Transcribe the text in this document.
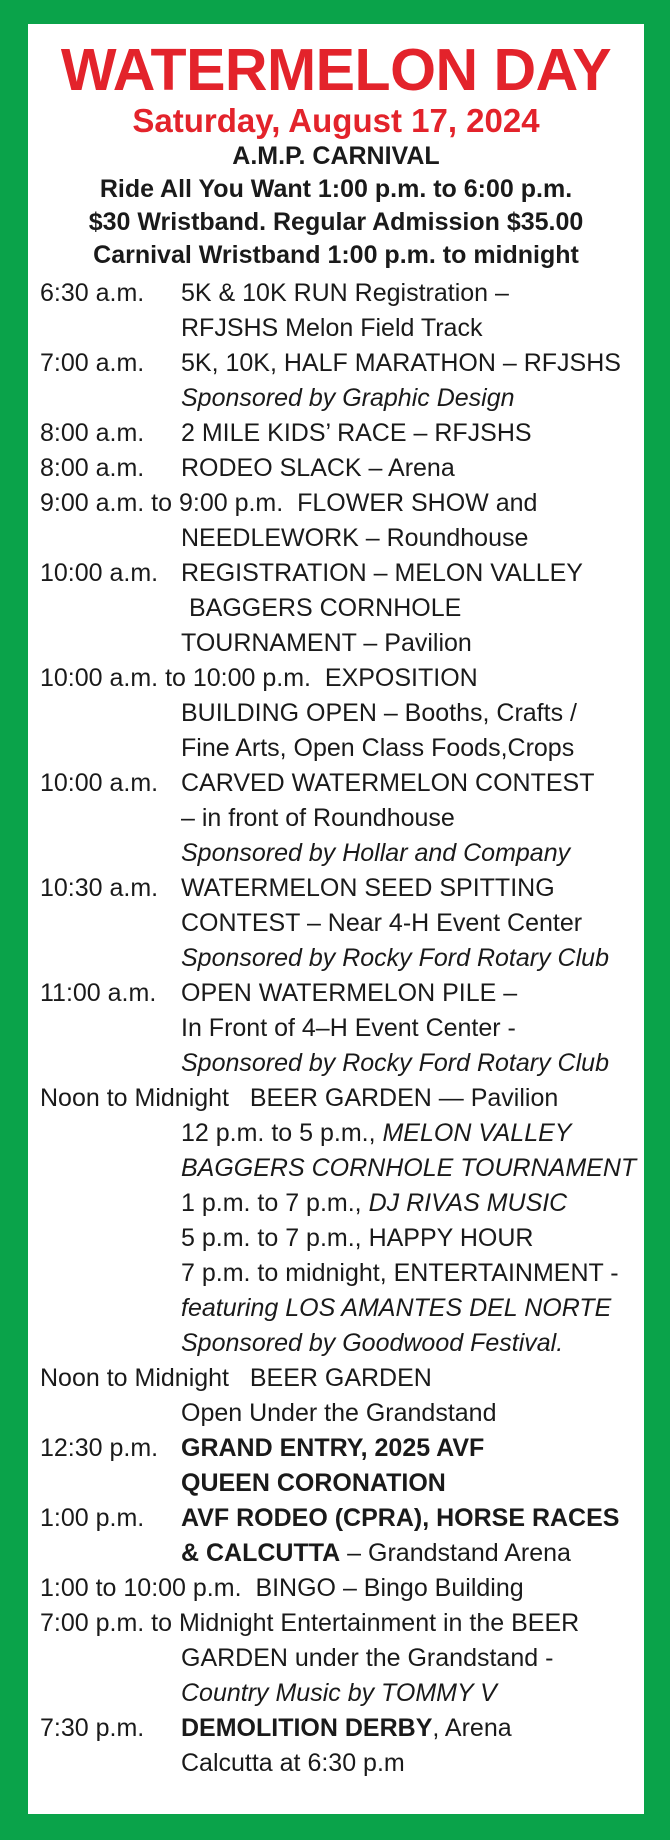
WATERMELON DAY
Saturday, August 17, 2024
A.M.P. CARNIVAL
Ride All You Want 1:00 p.m. to 6:00 p.m.
$30 Wristband. Regular Admission $35.00
Carnival Wristband 1:00 p.m. to midnight
6:30 a.m. 5K & 10K RUN Registration –
RFJSHS Melon Field Track
7:00 a.m. 5K, 10K, HALF MARATHON – RFJSHS
Sponsored by Graphic Design
8:00 a.m. 2 MILE KIDS’ RACE – RFJSHS
8:00 a.m. RODEO SLACK – Arena
9:00 a.m. to 9:00 p.m. FLOWER SHOW and
NEEDLEWORK – Roundhouse
10:00 a.m. REGISTRATION – MELON VALLEY
BAGGERS CORNHOLE
TOURNAMENT – Pavilion
10:00 a.m. to 10:00 p.m. EXPOSITION
BUILDING OPEN – Booths, Crafts /
Fine Arts, Open Class Foods,Crops
10:00 a.m. CARVED WATERMELON CONTEST
– in front of Roundhouse
Sponsored by Hollar and Company
10:30 a.m. WATERMELON SEED SPITTING
CONTEST – Near 4-H Event Center
Sponsored by Rocky Ford Rotary Club
11:00 a.m. OPEN WATERMELON PILE –
In Front of 4–H Event Center -
Sponsored by Rocky Ford Rotary Club
Noon to Midnight BEER GARDEN — Pavilion
12 p.m. to 5 p.m., MELON VALLEY
BAGGERS CORNHOLE TOURNAMENT
1 p.m. to 7 p.m., DJ RIVAS MUSIC
5 p.m. to 7 p.m., HAPPY HOUR
7 p.m. to midnight, ENTERTAINMENT -
featuring LOS AMANTES DEL NORTE
Sponsored by Goodwood Festival.
Noon to Midnight BEER GARDEN
Open Under the Grandstand
12:30 p.m. GRAND ENTRY, 2025 AVF
QUEEN CORONATION
1:00 p.m. AVF RODEO (CPRA), HORSE RACES
& CALCUTTA – Grandstand Arena
1:00 to 10:00 p.m. BINGO – Bingo Building
7:00 p.m. to Midnight Entertainment in the BEER
GARDEN under the Grandstand -
Country Music by TOMMY V
7:30 p.m. DEMOLITION DERBY, Arena
Calcutta at 6:30 p.m
